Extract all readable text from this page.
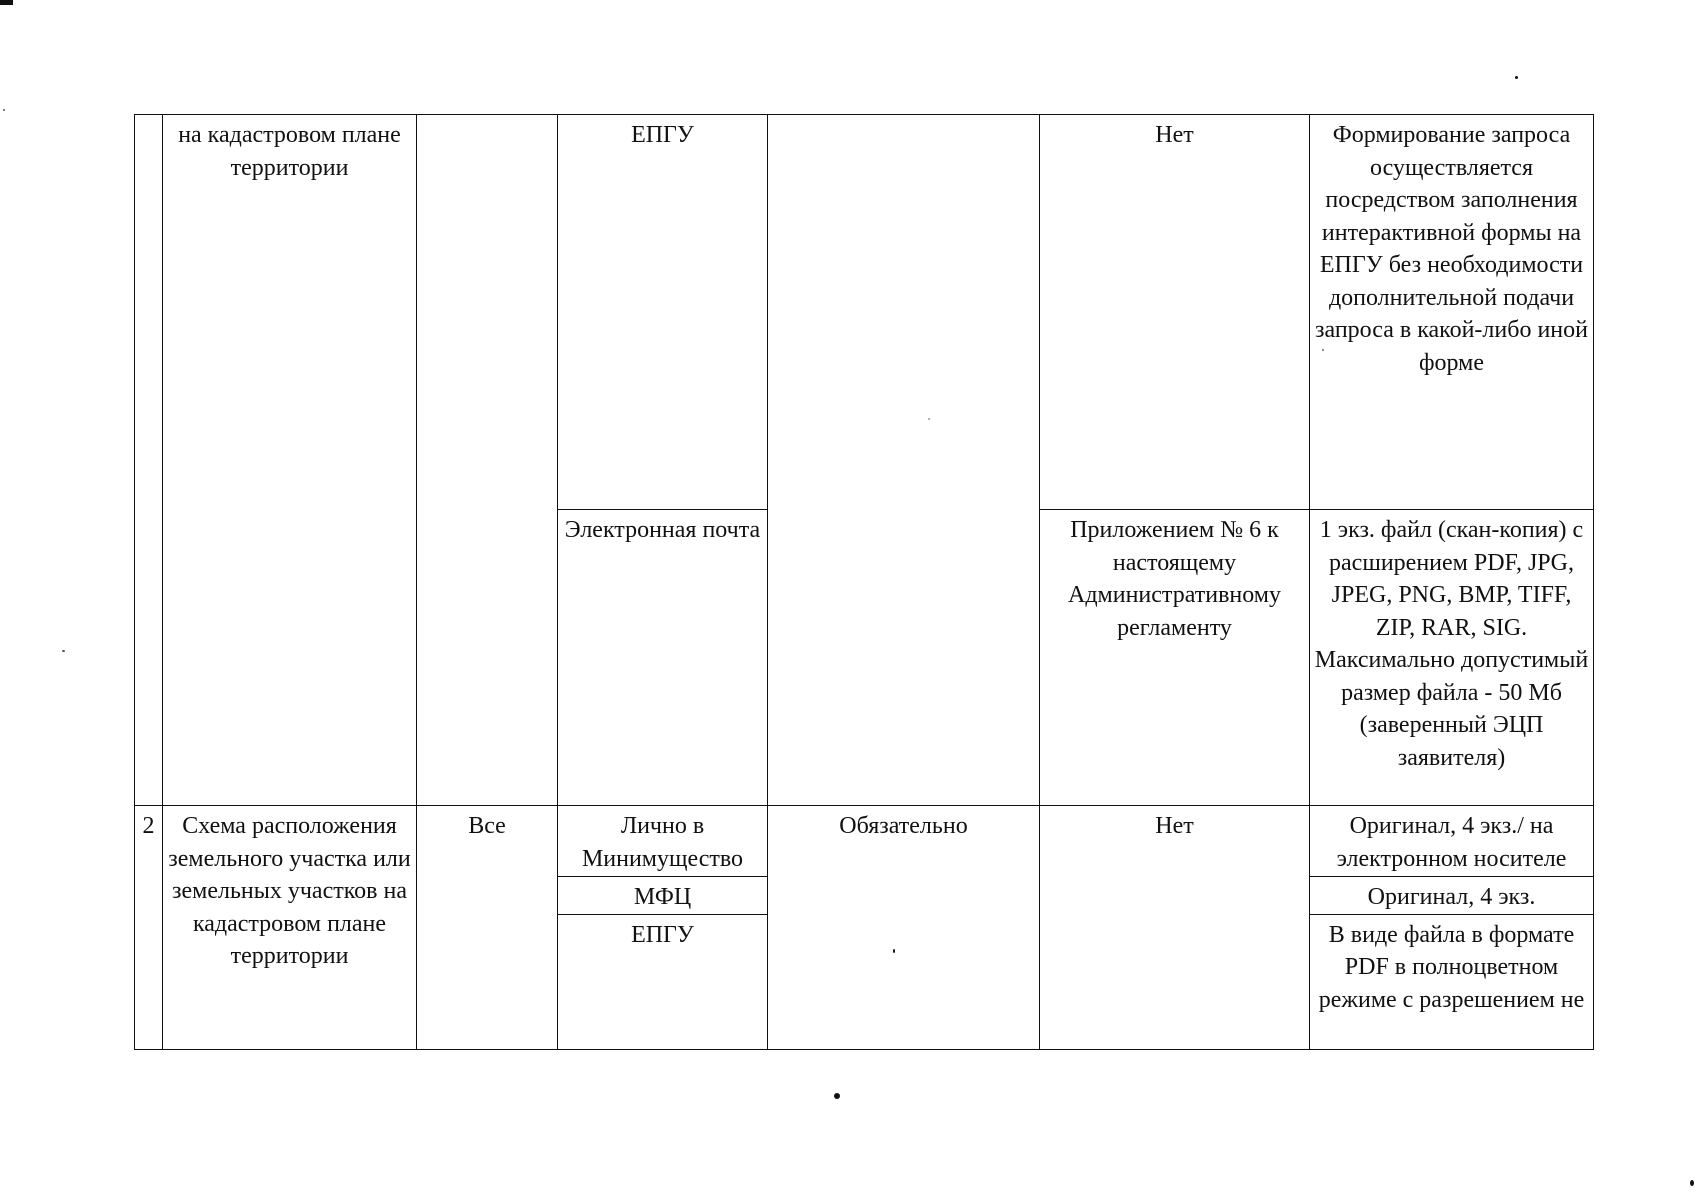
	на кадастровом плане территории		ЕПГУ		Нет	Формирование запроса осуществляется посредством заполнения интерактивной формы на ЕПГУ без необходимости дополнительной подачи запроса в какой-либо иной форме
			Электронная почта		Приложением № 6 к настоящему Административному регламенту	1 экз. файл (скан-копия) с расширением PDF, JPG, JPEG, PNG, BMP, TIFF, ZIP, RAR, SIG. Максимально допустимый размер файла - 50 Мб (заверенный ЭЦП заявителя)
2	Схема расположения земельного участка или земельных участков на кадастровом плане территории	Все	Лично в Минимущество	Обязательно	Нет	Оригинал, 4 экз./ на электронном носителе
			МФЦ			Оригинал, 4 экз.
			ЕПГУ			В виде файла в формате PDF в полноцветном режиме с разрешением не
